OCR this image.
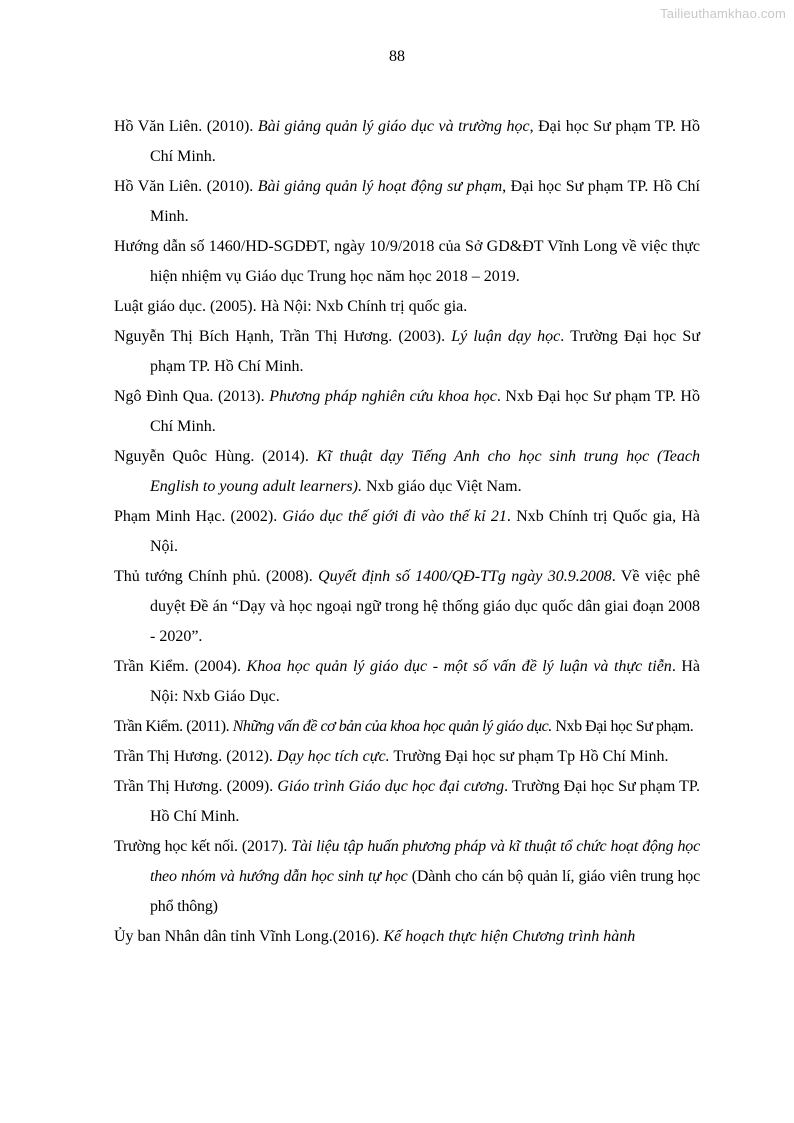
Tailieuthamkhao.com
88

Hồ Văn Liên. (2010). Bài giảng quản lý giáo dục và trường học, Đại học Sư phạm TP. Hồ Chí Minh.

Hồ Văn Liên. (2010). Bài giảng quản lý hoạt động sư phạm, Đại học Sư phạm TP. Hồ Chí Minh.

Hướng dẫn số 1460/HD-SGDĐT, ngày 10/9/2018 của Sở GD&ĐT Vĩnh Long về việc thực hiện nhiệm vụ Giáo dục Trung học năm học 2018 – 2019.

Luật giáo dục. (2005). Hà Nội: Nxb Chính trị quốc gia.

Nguyễn Thị Bích Hạnh, Trần Thị Hương. (2003). Lý luận dạy học. Trường Đại học Sư phạm TP. Hồ Chí Minh.

Ngô Đình Qua. (2013). Phương pháp nghiên cứu khoa học. Nxb Đại học Sư phạm TP. Hồ Chí Minh.

Nguyễn Quôc Hùng. (2014). Kĩ thuật dạy Tiếng Anh cho học sinh trung học (Teach English to young adult learners). Nxb giáo dục Việt Nam.

Phạm Minh Hạc. (2002). Giáo dục thế giới đi vào thế kỉ 21. Nxb Chính trị Quốc gia, Hà Nội.

Thủ tướng Chính phủ. (2008). Quyết định số 1400/QĐ-TTg ngày 30.9.2008. Về việc phê duyệt Đề án “Dạy và học ngoại ngữ trong hệ thống giáo dục quốc dân giai đoạn 2008 - 2020”.

Trần Kiểm. (2004). Khoa học quản lý giáo dục - một số vấn đề lý luận và thực tiễn. Hà Nội: Nxb Giáo Dục.

Trần Kiểm. (2011). Những vấn đề cơ bản của khoa học quản lý giáo dục. Nxb Đại học Sư phạm.

Trần Thị Hương. (2012). Dạy học tích cực. Trường Đại học sư phạm Tp Hồ Chí Minh.

Trần Thị Hương. (2009). Giáo trình Giáo dục học đại cương. Trường Đại học Sư phạm TP. Hồ Chí Minh.

Trường học kết nối. (2017). Tài liệu tập huấn phương pháp và kĩ thuật tổ chức hoạt động học theo nhóm và hướng dẫn học sinh tự học (Dành cho cán bộ quản lí, giáo viên trung học phổ thông)

Ủy ban Nhân dân tỉnh Vĩnh Long.(2016). Kế hoạch thực hiện Chương trình hành
